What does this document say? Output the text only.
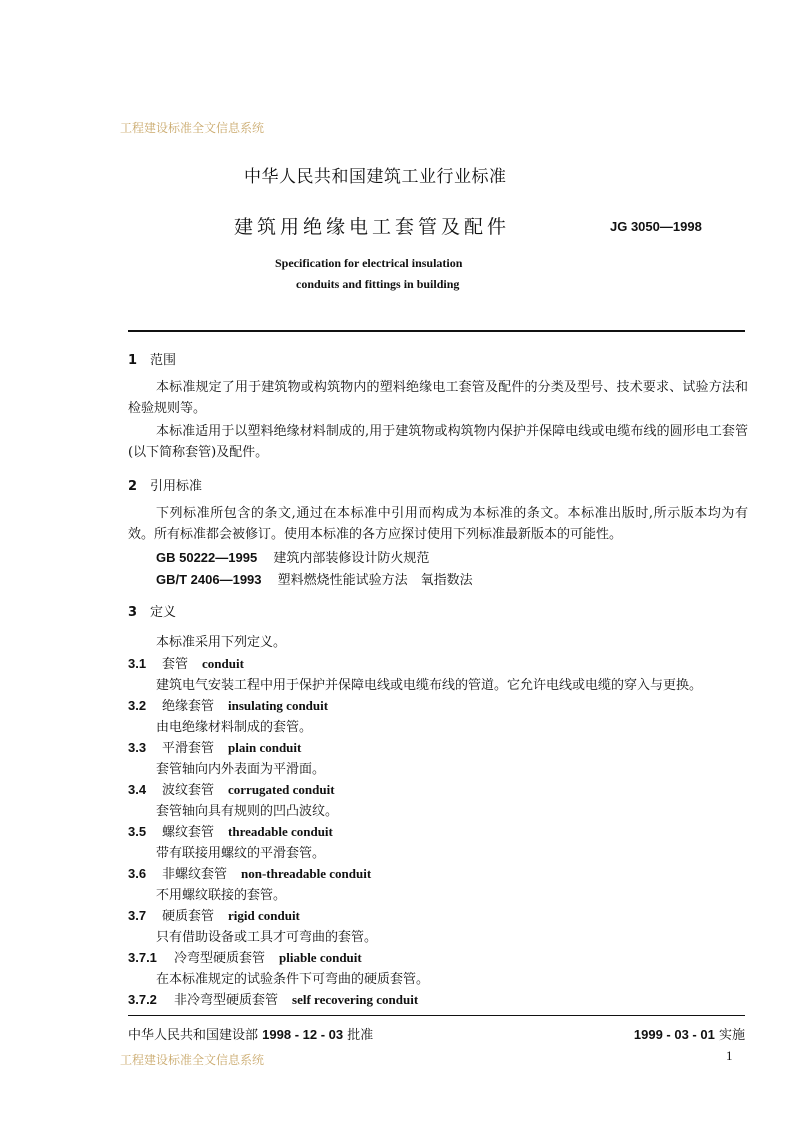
工程建设标准全文信息系统
中华人民共和国建筑工业行业标准
建筑用绝缘电工套管及配件	JG 3050—1998
Specification for electrical insulation
conduits and fittings in building
1 范围
本标准规定了用于建筑物或构筑物内的塑料绝缘电工套管及配件的分类及型号、技术要求、试验方法和检验规则等。
本标准适用于以塑料绝缘材料制成的,用于建筑物或构筑物内保护并保障电线或电缆布线的圆形电工套管(以下简称套管)及配件。
2 引用标准
下列标准所包含的条文,通过在本标准中引用而构成为本标准的条文。本标准出版时,所示版本均为有效。所有标准都会被修订。使用本标准的各方应探讨使用下列标准最新版本的可能性。
GB 50222—1995 建筑内部装修设计防火规范
GB/T 2406—1993 塑料燃烧性能试验方法　氧指数法
3 定义
本标准采用下列定义。
3.1 套管 conduit
建筑电气安装工程中用于保护并保障电线或电缆布线的管道。它允许电线或电缆的穿入与更换。
3.2 绝缘套管 insulating conduit
由电绝缘材料制成的套管。
3.3 平滑套管 plain conduit
套管轴向内外表面为平滑面。
3.4 波纹套管 corrugated conduit
套管轴向具有规则的凹凸波纹。
3.5 螺纹套管 threadable conduit
带有联接用螺纹的平滑套管。
3.6 非螺纹套管 non-threadable conduit
不用螺纹联接的套管。
3.7 硬质套管 rigid conduit
只有借助设备或工具才可弯曲的套管。
3.7.1 冷弯型硬质套管 pliable conduit
在本标准规定的试验条件下可弯曲的硬质套管。
3.7.2 非冷弯型硬质套管 self recovering conduit
中华人民共和国建设部 1998 - 12 - 03 批准	1999 - 03 - 01 实施
工程建设标准全文信息系统	1
